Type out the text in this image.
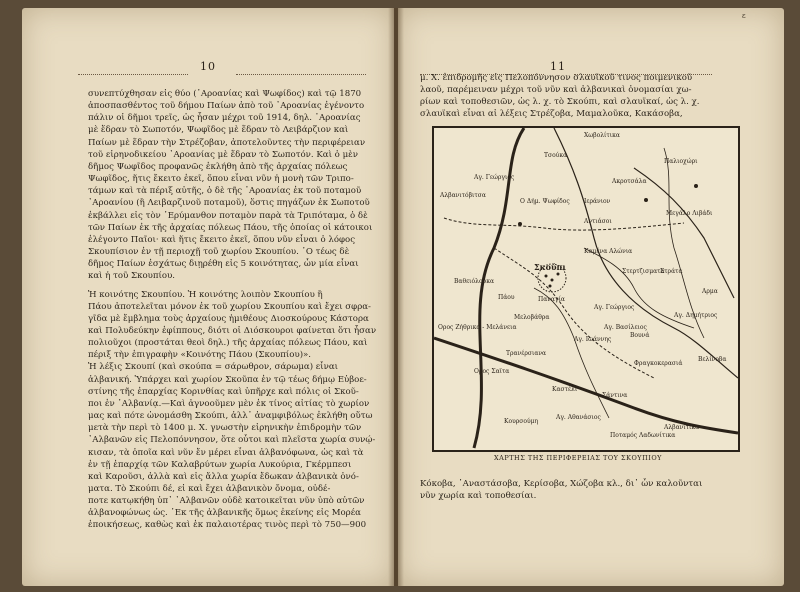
10
συνεπτύχθησαν εἰς θύο (᾽Αροανίας καὶ Ψωφίδος) καὶ τῷ 1870
ἀποσπασθέντος τοῦ δήμου Παίων ἀπὸ τοῦ ᾽Αροανίας ἐγένοντο
πάλιν οἱ δῆμοι τρεῖς, ὡς ἦσαν μέχρι τοῦ 1914, δηλ. ᾽Αροανίας
μὲ ἕδραν τὸ Σωποτόν, Ψωφῖδος μὲ ἕδραν τὸ Λειβάρζιον καὶ
Παίων μὲ ἕδραν τὴν Στρέζοβαν, ἀποτελοῦντες τὴν περιφέρειαν
τοῦ εἰρηνοδικείου ᾽Αροανίας μὲ ἕδραν τὸ Σωποτόν. Καὶ ὁ μὲν
δῆμος Ψωφῖδος προφανῶς ἐκλήθη ἀπὸ τῆς ἀρχαίας πόλεως
Ψωφῖδος, ἥτις ἔκειτο ἐκεῖ, ὅπου εἶναι νῦν ἡ μονὴ τῶν Τριπο-
τάμων καὶ τὰ πέριξ αὐτῆς, ὁ δὲ τῆς ᾽Αροανίας ἐκ τοῦ ποταμοῦ
᾽Αροανίου (ἢ Λειβαρζινοῦ ποταμοῦ), ὅστις πηγάζων ἐκ Σωποτοῦ
ἐκβάλλει εἰς τὸν ᾽Ερύμανθον ποταμὸν παρὰ τὰ Τριπόταμα, ὁ δὲ
τῶν Παίων ἐκ τῆς ἀρχαίας πόλεως Πάου, τῆς ὁποίας οἱ κάτοικοι
ἐλέγοντο Παῖοι· καὶ ἥτις ἔκειτο ἐκεῖ, ὅπου νῦν εἶναι ὁ λόφος
Σκουπίσιον ἐν τῇ περιοχῇ τοῦ χωρίου Σκουπίου. ᾽Ο τέως δὲ
δῆμος Παίων ἐσχάτως διῃρέθη εἰς 5 κοινότητας, ὧν μία εἶναι
καὶ ἡ τοῦ Σκουπίου.
Ἡ κοινότης Σκουπίου. Ἡ κοινότης λοιπὸν Σκουπίου ἢ
Πάου ἀποτελεῖται μόνον ἐκ τοῦ χωρίου Σκουπίου καὶ ἔχει σφρα-
γῖδα μὲ ἔμβλημα τοὺς ἀρχαίους ἡμιθέους Διοσκούρους Κάστορα
καὶ Πολυδεύκην ἐφίππους, διότι οἱ Διόσκουροι φαίνεται ὅτι ἦσαν
πολιοῦχοι (προστάται θεοὶ δηλ.) τῆς ἀρχαίας πόλεως Πάου, καὶ
πέριξ τὴν ἐπιγραφὴν «Κοινότης Πάου (Σκουπίου)».
Ἡ λέξις Σκουπί (καὶ σκούπα = σάρωθρον, σάρωμα) εἶναι
ἀλβανική. Ὑπάρχει καὶ χωρίον Σκοῦπα ἐν τῷ τέως δήμῳ Εὐβοε-
στίνης τῆς ἐπαρχίας Κορινθίας καὶ ὑπῆρχε καὶ πόλις οἱ Σκοῦ-
ποι ἐν ᾽Αλβανίᾳ.—Καὶ ἀγνοοῦμεν μὲν ἐκ τίνος αἰτίας τὸ χωρίον
μας καὶ πότε ὠνομάσθη Σκούπι, ἀλλ᾽ ἀναμφιβόλως ἐκλήθη οὕτω
μετὰ τὴν περὶ τὸ 1400 μ. Χ. γνωστὴν εἰρηνικὴν ἐπιδρομὴν τῶν
᾽Αλβανῶν εἰς Πελοπόννησον, ὅτε οὗτοι καὶ πλεῖστα χωρία συνῴ-
κισαν, τὰ ὁποῖα καὶ νῦν ἔν μέρει εἶναι ἀλβανόφωνα, ὡς καὶ τὰ
ἐν τῇ ἐπαρχίᾳ τῶν Καλαβρύτων χωρία Λυκούρια, Γκέρμπεσι
καὶ Καροῦσι, ἀλλὰ καὶ εἰς ἄλλα χωρία ἔδωκαν ἀλβανικὰ ὀνό-
ματα. Τὸ Σκούπι δέ, εἰ καὶ ἔχει ἀλβανικὸν ὄνομα, οὐδέ-
ποτε κατῳκήθη ὑπ᾽ ᾽Αλβανῶν οὐδὲ κατοικεῖται νῦν ὑπὸ αὐτῶν
ἀλβανοφώνως ὡς. ᾽Εκ τῆς ἀλβανικῆς ὅμως ἐκείνης εἰς Μορέα
ἐποικήσεως, καθὼς καὶ ἐκ παλαιοτέρας τινὸς περὶ τὸ 750—900
ε
11
μ. Χ. ἐπιδρομῆς εἰς Πελοπόννησον σλαυϊκοῦ τινος ποιμενικοῦ
λαοῦ, παρέμειναν μέχρι τοῦ νῦν καὶ ἀλβανικαὶ ὀνομασίαι χω-
ρίων καὶ τοποθεσιῶν, ὡς λ. χ. τὸ Σκούπι, καὶ σλαυϊκαί, ὡς λ. χ.
σλαυϊκαὶ εἶναι αἱ λέξεις Στρέζοβα, Μαμαλοῦκα, Κακάσοβα,
Χωβολίτικα
Τσούκα
Παλιοχώρι
Ακροτσάλα
Αγ. Γεώργιος
Μεγάλο Λιβάδι
Ο Δήμ. Ψωφίδος
Αντιάσοι
Αλβανιτόβιτσα
Σκούπι
Καμένα Αλώνια
Στράτα
Αγ. Δημήτριος
Βουνά
Αρμα
Αγ. Γεώργιος
Αγ. Βασίλειος
Ορος Σαϊτα
Φραγκοκερασιά
Ορος Ζήθρικα - Μελάνεια
Αλβανίτικα
Μελοβάθρα
Τρανέρσιανα
Παναγία
Καστέλι
Σάντινα
Αγ. Ιωάννης
Αγ. Αθανάσιος
Βαθειόλουκα
Κουρσούμη
Στερτζισματα
Ιεράνιον
Πάου
Ποταμός Λαδωνίτικα
Βελίνοβα
ΧΑΡΤΗΣ ΤΗΣ ΠΕΡΙΦΕΡΕΙΑΣ ΤΟΥ ΣΚΟΥΠΙΟΥ
Κόκοβα, ᾽Αναστάσοβα, Κερίσοβα, Χώζοβα κλ., δι᾽ ὧν καλοῦνται
νῦν χωρία καὶ τοποθεσίαι.
